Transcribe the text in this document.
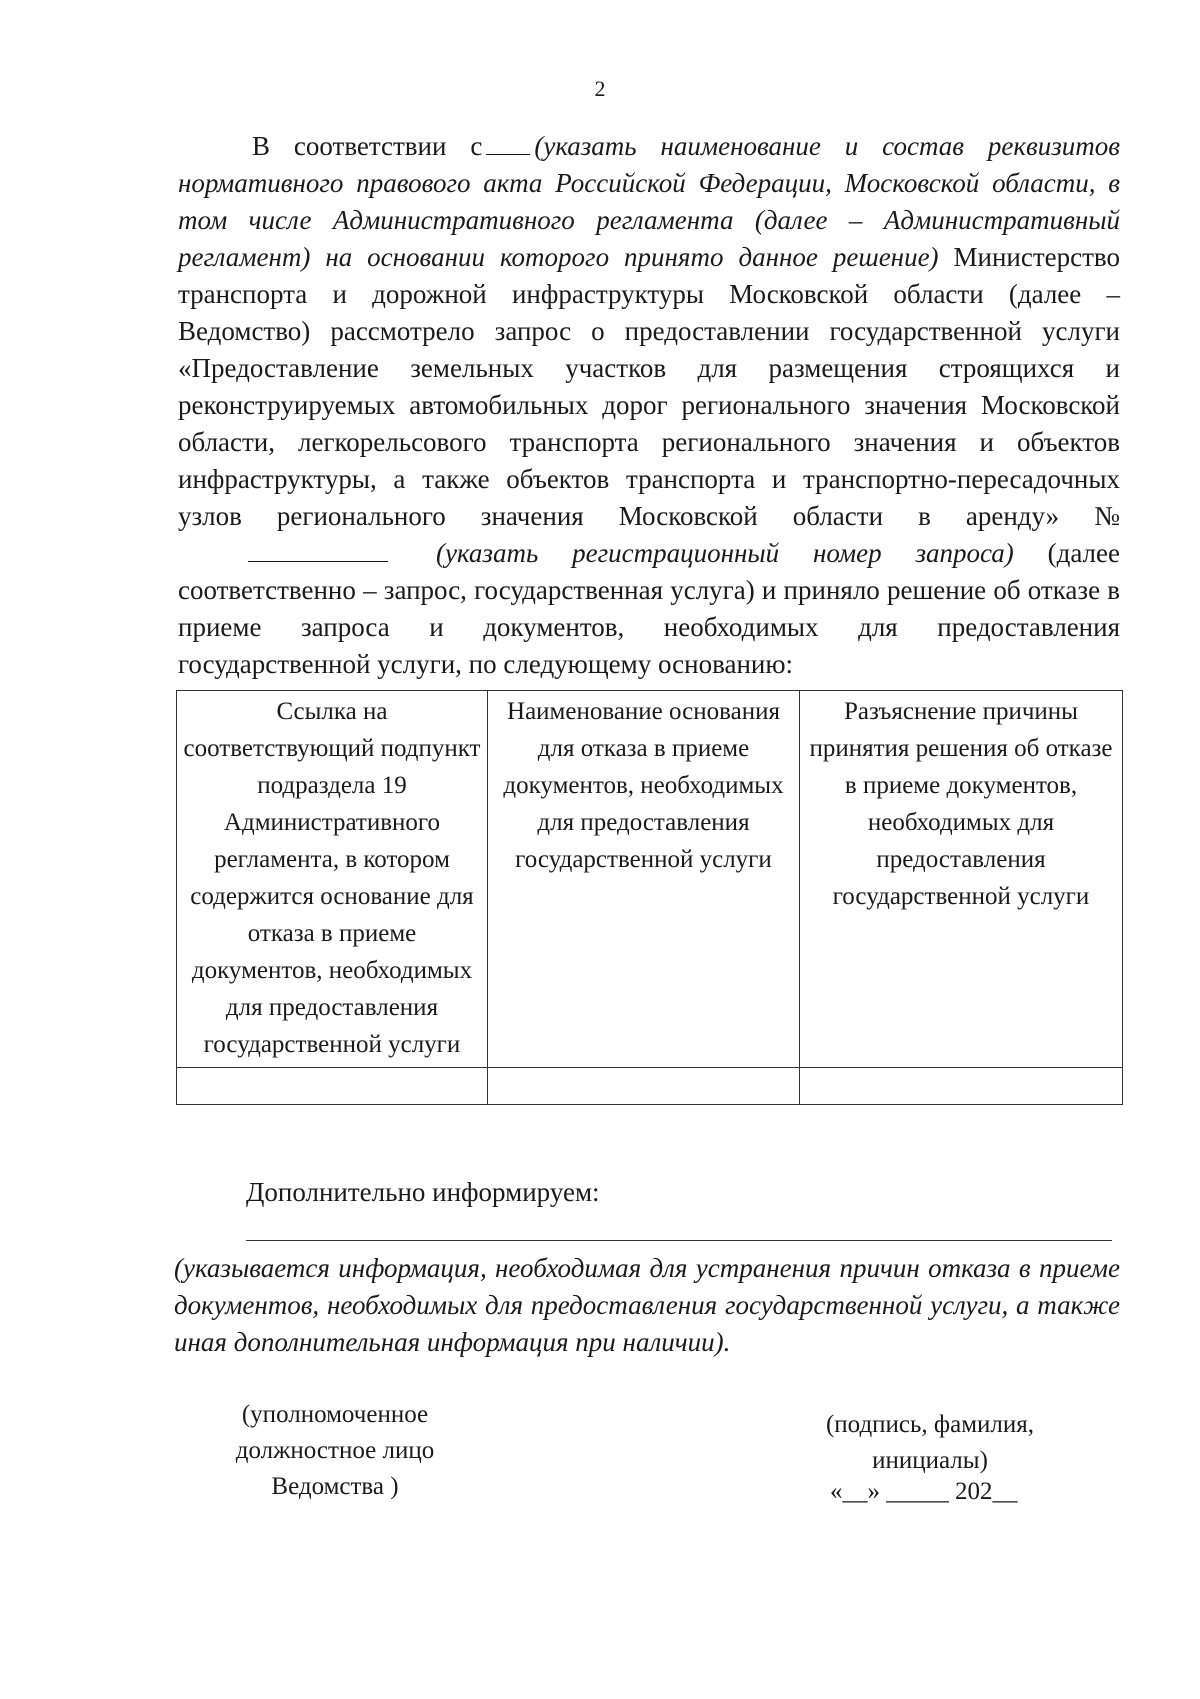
2

В соответствии с (указать наименование и состав реквизитов нормативного правового акта Российской Федерации, Московской области, в том числе Административного регламента (далее – Административный регламент) на основании которого принято данное решение) Министерство транспорта и дорожной инфраструктуры Московской области (далее – Ведомство) рассмотрело запрос о предоставлении государственной услуги «Предоставление земельных участков для размещения строящихся и реконструируемых автомобильных дорог регионального значения Московской области, легкорельсового транспорта регионального значения и объектов инфраструктуры, а также объектов транспорта и транспортно-пересадочных узлов регионального значения Московской области в аренду» №(указать регистрационный номер запроса) (далее соответственно – запрос, государственная услуга) и приняло решение об отказе в приеме запроса и документов, необходимых для предоставления государственной услуги, по следующему основанию:

Ссылка на соответствующий подпункт подраздела 19 Административного регламента, в котором содержится основание для отказа в приеме документов, необходимых для предоставления государственной услуги	Наименование основания для отказа в приеме документов, необходимых для предоставления государственной услуги	Разъяснение причины принятия решения об отказе в приеме документов, необходимых для предоставления государственной услуги

Дополнительно информируем:

(указывается информация, необходимая для устранения причин отказа в приеме документов, необходимых для предоставления государственной услуги, а также иная дополнительная информация при наличии).

(уполномоченное должностное лицо Ведомства )

(подпись, фамилия, инициалы)

«__» _____ 202__
